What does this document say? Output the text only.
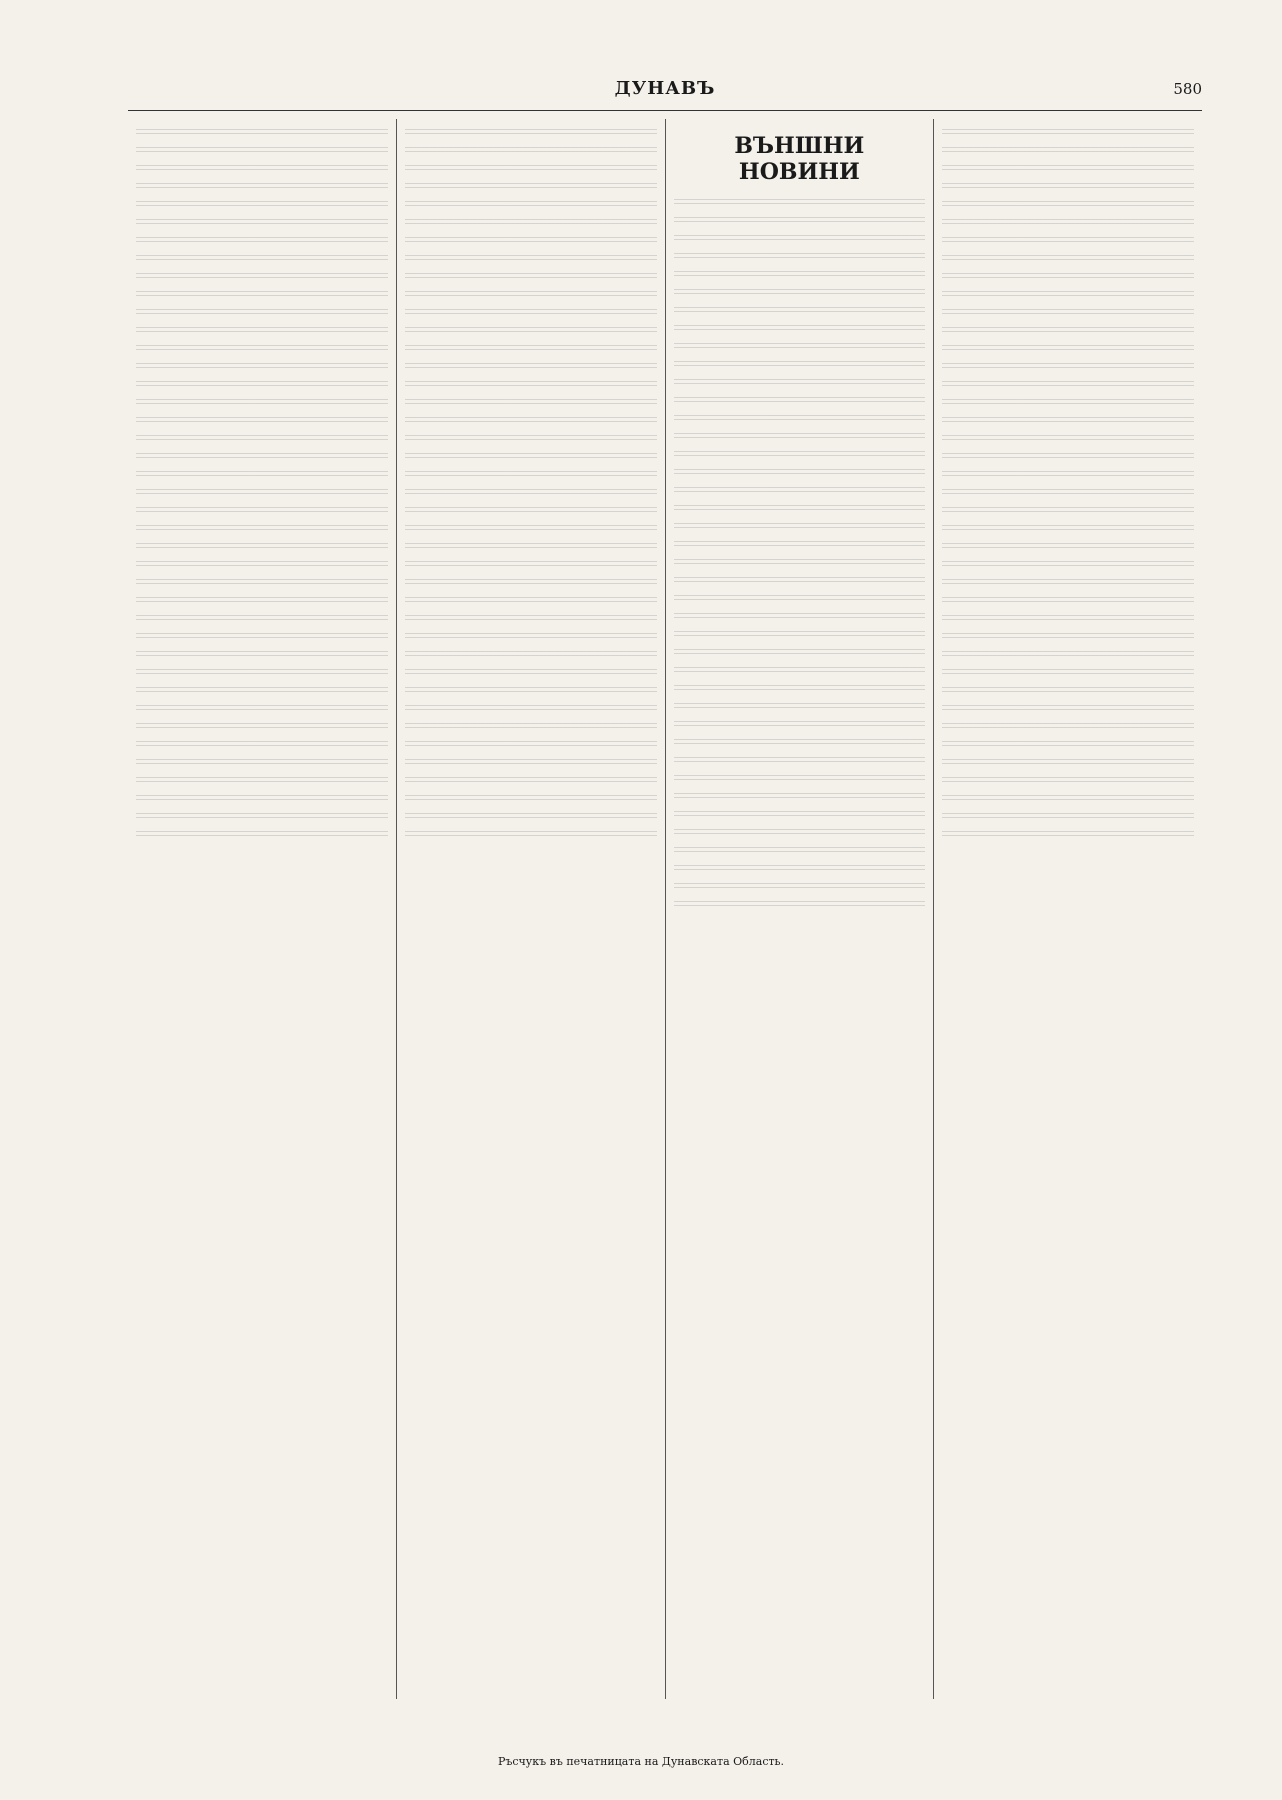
ДУНАВЪ	580
ВЪНШНИ НОВИНИ
Ръсчукъ въ печатницата на Дунавската Область.
